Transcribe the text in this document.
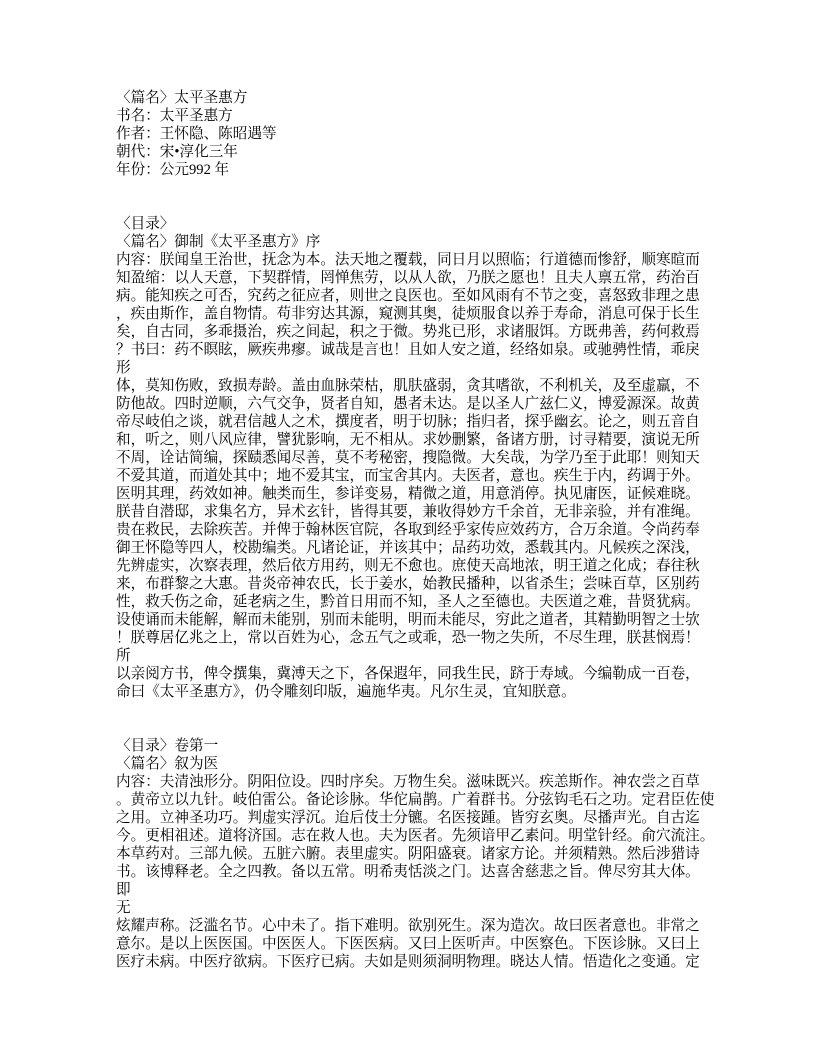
〈篇名〉太平圣惠方
书名：太平圣惠方
作者：王怀隐、陈昭遇等
朝代：宋•淳化三年
年份：公元992 年

〈目录〉
〈篇名〉御制《太平圣惠方》序
内容：朕闻皇王治世，抚念为本。法天地之覆载，同日月以照临；行道德而惨舒，顺寒暄而
知盈缩：以人天意，下契群情，罔惮焦劳，以从人欲，乃朕之愿也！且夫人禀五常，药治百
病。能知疾之可否，究药之征应者，则世之良医也。至如风雨有不节之变，喜怒致非理之患
，疾由斯作，盖自物情。苟非穷达其源，窥测其奥，徒烦服食以养于寿命，消息可保于长生
矣，自古同，多乖摄治，疾之间起，积之于微。势兆已形，求诸服饵。方既弗善，药何救焉
？书曰：药不瞑眩，厥疾弗瘳。诚哉是言也！且如人安之道，经络如泉。或驰骋性情，乖戾
形
体，莫知伤败，致损寿龄。盖由血脉荣枯，肌肤盛弱，贪其嗜欲，不利机关，及至虚羸，不
防他故。四时逆顺，六气交争，贤者自知，愚者未达。是以圣人广兹仁义，博爱源深。故黄
帝尽岐伯之谈，就君信越人之术，撰度者，明于切脉；指归者，探乎幽玄。论之，则五音自
和，听之，则八风应律，譬犹影响，无不相从。求妙删繁，备诸方册，讨寻精要，演说无所
不周，诠诂简编，探赜悉闻尽善，莫不考秘密，搜隐微。大矣哉，为学乃至于此耶！则知天
不爱其道，而道处其中；地不爱其宝，而宝舍其内。夫医者，意也。疾生于内，药调于外。
医明其理，药效如神。触类而生，参详变易，精微之道，用意消停。执见庸医，证候难晓。
朕昔自潜邸，求集名方，异术玄针，皆得其要，兼收得妙方千余首，无非亲验，并有准绳。
贵在救民，去除疾苦。并俾于翰林医官院，各取到经乎家传应效药方，合万余道。令尚药奉
御王怀隐等四人，校勘编类。凡诸论证，并该其中；品药功效，悉载其内。凡候疾之深浅，
先辨虚实，次察表理，然后依方用药，则无不愈也。庶使天高地浓，明王道之化成；春往秋
来，布群黎之大惠。昔炎帝神农氏，长于姜水，始教民播种，以省杀生；尝味百草，区别药
性，救夭伤之命，延老病之生，黔首日用而不知，圣人之至德也。夫医道之难，昔贤犹病。
设使诵而未能解，解而未能别，别而未能明，明而未能尽，穷此之道者，其精勤明智之士欤
！朕尊居亿兆之上，常以百姓为心，念五气之或乖，恐一物之失所，不尽生理，朕甚悯焉！
所
以亲阅方书，俾令撰集，冀溥天之下，各保遐年，同我生民，跻于寿域。今编勒成一百卷，
命曰《太平圣惠方》，仍令雕刻印版，遍施华夷。凡尔生灵，宜知朕意。

〈目录〉卷第一
〈篇名〉叙为医
内容：夫清浊形分。阴阳位设。四时序矣。万物生矣。滋味既兴。疾恙斯作。神农尝之百草
。黄帝立以九针。岐伯雷公。备论诊脉。华佗扁鹊。广着群书。分弦钩毛石之功。定君臣佐使
之用。立神圣功巧。判虚实浮沉。迨后伎士分镳。名医接踵。皆穷玄奥。尽播声光。自古迄
今。更相祖述。道将济国。志在救人也。夫为医者。先须谙甲乙素问。明堂针经。俞穴流注。
本草药对。三部九候。五脏六腑。表里虚实。阴阳盛衰。诸家方论。并须精熟。然后涉猎诗
书。该博释老。全之四教。备以五常。明希夷恬淡之门。达喜舍慈悲之旨。俾尽穷其大体。
即
无
炫耀声称。泛滥名节。心中未了。指下难明。欲别死生。深为造次。故曰医者意也。非常之
意尔。是以上医医国。中医医人。下医医病。又曰上医听声。中医察色。下医诊脉。又曰上
医疗未病。中医疗欲病。下医疗已病。夫如是则须洞明物理。晓达人情。悟造化之变通。定
